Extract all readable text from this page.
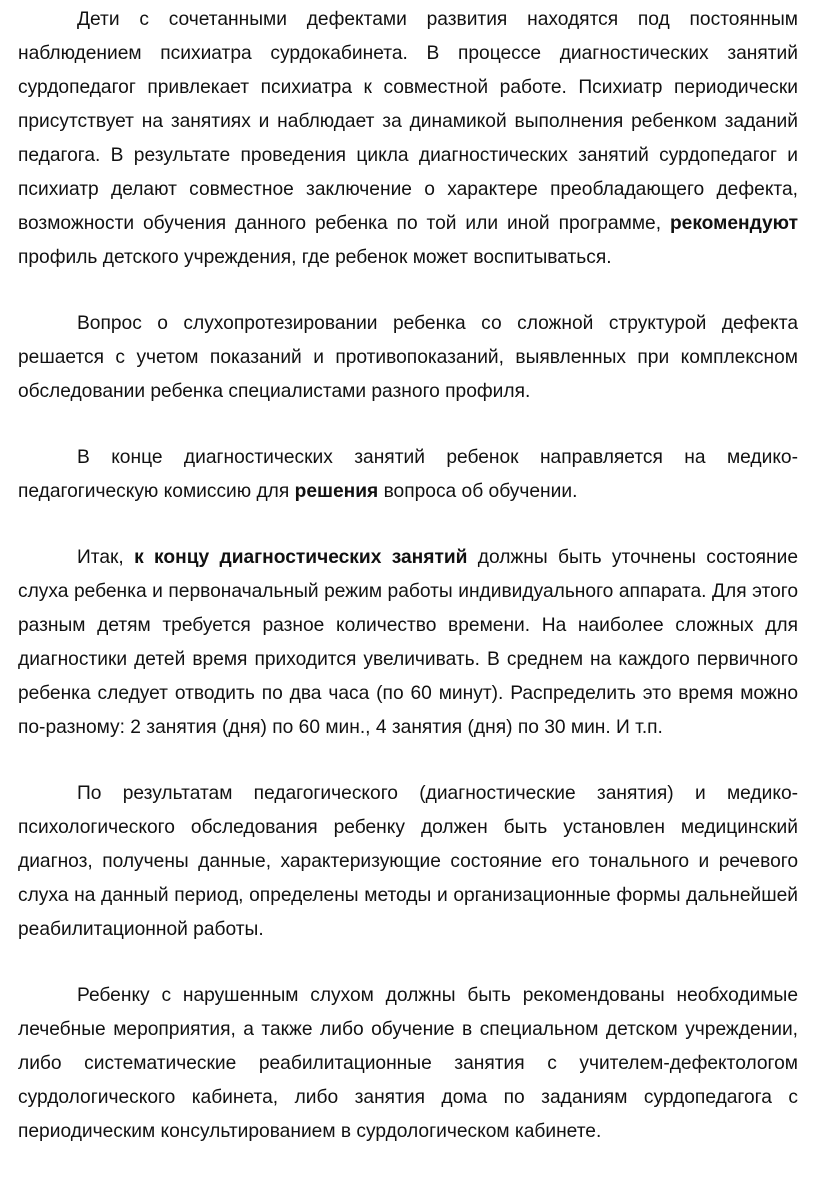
Дети с сочетанными дефектами развития находятся под постоянным наблюдением психиатра сурдокабинета. В процессе диагностических занятий сурдопедагог привлекает психиатра к совместной работе. Психиатр периодически присутствует на занятиях и наблюдает за динамикой выполнения ребенком заданий педагога. В результате проведения цикла диагностических занятий сурдопедагог и психиатр делают совместное заключение о характере преобладающего дефекта, возможности обучения данного ребенка по той или иной программе, рекомендуют профиль детского учреждения, где ребенок может воспитываться.

Вопрос о слухопротезировании ребенка со сложной структурой дефекта решается с учетом показаний и противопоказаний, выявленных при комплексном обследовании ребенка специалистами разного профиля.

В конце диагностических занятий ребенок направляется на медико-педагогическую комиссию для решения вопроса об обучении.

Итак, к концу диагностических занятий должны быть уточнены состояние слуха ребенка и первоначальный режим работы индивидуального аппарата. Для этого разным детям требуется разное количество времени. На наиболее сложных для диагностики детей время приходится увеличивать. В среднем на каждого первичного ребенка следует отводить по два часа (по 60 минут). Распределить это время можно по-разному: 2 занятия (дня) по 60 мин., 4 занятия (дня) по 30 мин. И т.п.

По результатам педагогического (диагностические занятия) и медико-психологического обследования ребенку должен быть установлен медицинский диагноз, получены данные, характеризующие состояние его тонального и речевого слуха на данный период, определены методы и организационные формы дальнейшей реабилитационной работы.

Ребенку с нарушенным слухом должны быть рекомендованы необходимые лечебные мероприятия, а также либо обучение в специальном детском учреждении, либо систематические реабилитационные занятия с учителем-дефектологом сурдологического кабинета, либо занятия дома по заданиям сурдопедагога с периодическим консультированием в сурдологическом кабинете.
